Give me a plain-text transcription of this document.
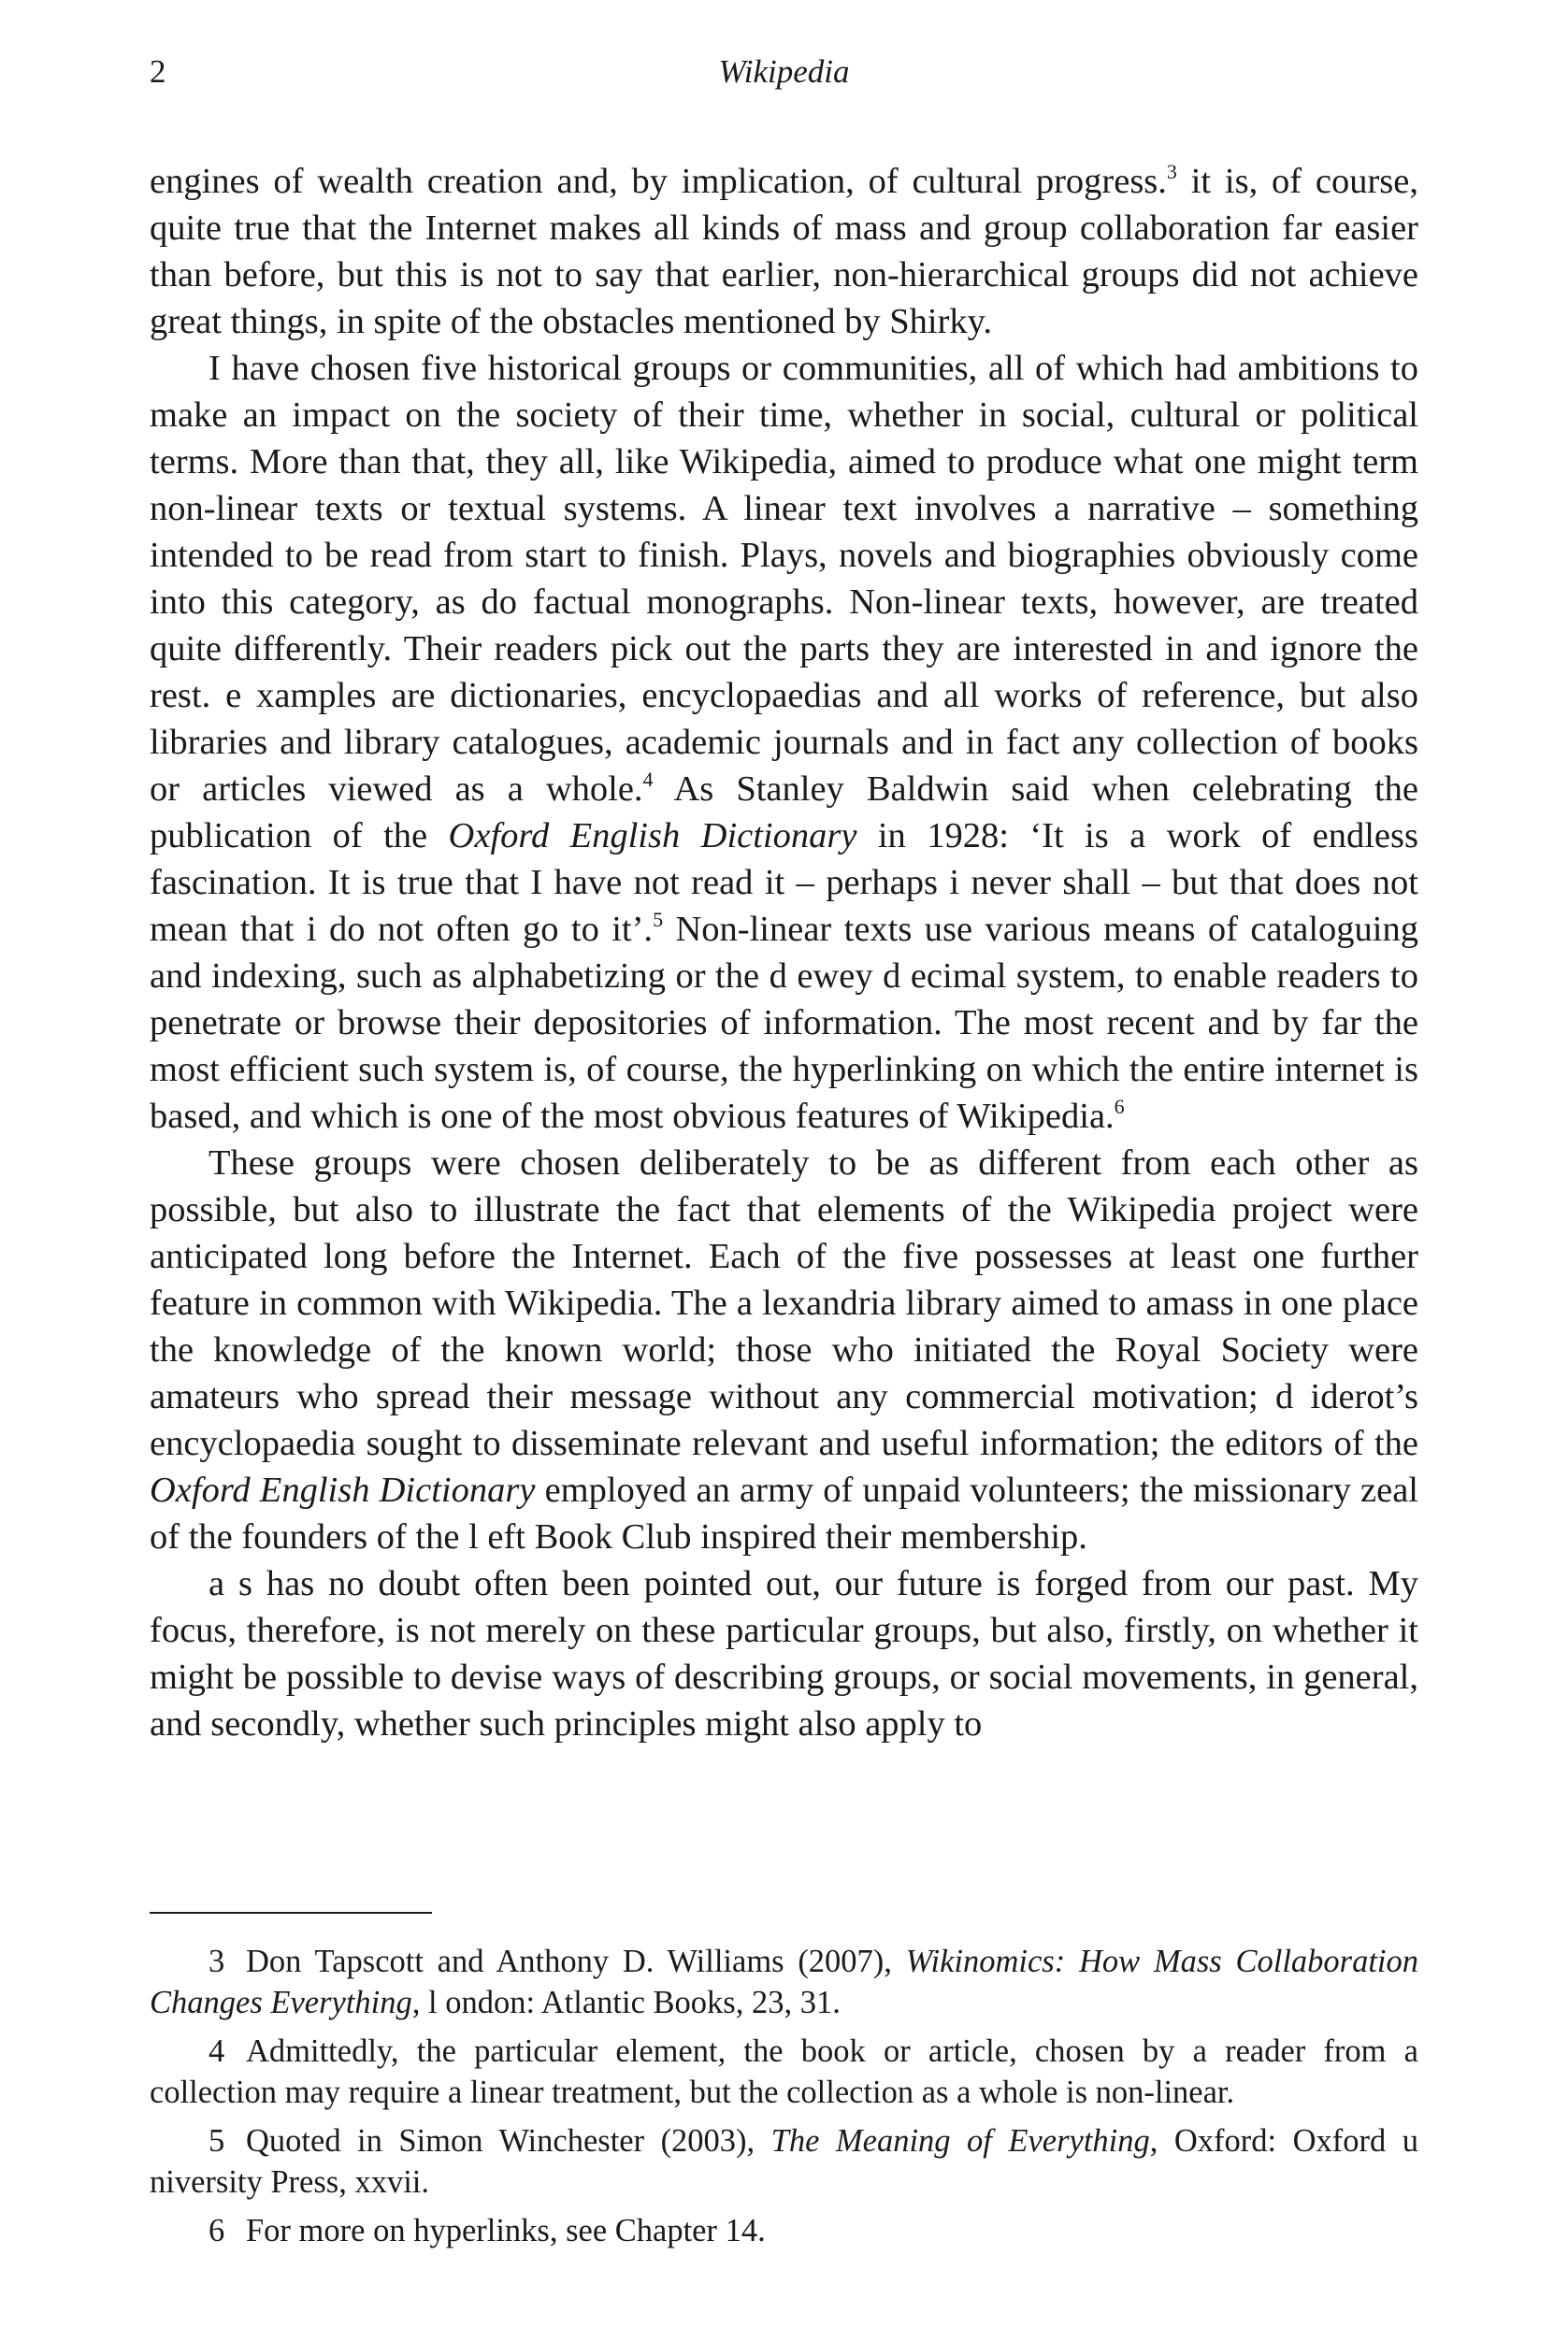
2	Wikipedia

engines of wealth creation and, by implication, of cultural progress.$^3$ it is, of course, quite true that the Internet makes all kinds of mass and group collaboration far easier than before, but this is not to say that earlier, non-hierarchical groups did not achieve great things, in spite of the obstacles mentioned by Shirky.

I have chosen five historical groups or communities, all of which had ambitions to make an impact on the society of their time, whether in social, cultural or political terms. More than that, they all, like Wikipedia, aimed to produce what one might term non-linear texts or textual systems. A linear text involves a narrative – something intended to be read from start to finish. Plays, novels and biographies obviously come into this category, as do factual monographs. Non-linear texts, however, are treated quite differently. Their readers pick out the parts they are interested in and ignore the rest. e xamples are dictionaries, encyclopaedias and all works of reference, but also libraries and library catalogues, academic journals and in fact any collection of books or articles viewed as a whole.$^4$ As Stanley Baldwin said when celebrating the publication of the Oxford English Dictionary in 1928: ‘It is a work of endless fascination. It is true that I have not read it – perhaps i never shall – but that does not mean that i do not often go to it’.$^5$ Non-linear texts use various means of cataloguing and indexing, such as alphabetizing or the d ewey d ecimal system, to enable readers to penetrate or browse their depositories of information. The most recent and by far the most efficient such system is, of course, the hyperlinking on which the entire internet is based, and which is one of the most obvious features of Wikipedia.$^6$

These groups were chosen deliberately to be as different from each other as possible, but also to illustrate the fact that elements of the Wikipedia project were anticipated long before the Internet. Each of the five possesses at least one further feature in common with Wikipedia. The a lexandria library aimed to amass in one place the knowledge of the known world; those who initiated the Royal Society were amateurs who spread their message without any commercial motivation; d iderot’s encyclopaedia sought to disseminate relevant and useful information; the editors of the Oxford English Dictionary employed an army of unpaid volunteers; the missionary zeal of the founders of the l eft Book Club inspired their membership.

a s has no doubt often been pointed out, our future is forged from our past. My focus, therefore, is not merely on these particular groups, but also, firstly, on whether it might be possible to devise ways of describing groups, or social movements, in general, and secondly, whether such principles might also apply to

3 Don Tapscott and Anthony D. Williams (2007), Wikinomics: How Mass Collaboration Changes Everything, l ondon: Atlantic Books, 23, 31.

4 Admittedly, the particular element, the book or article, chosen by a reader from a collection may require a linear treatment, but the collection as a whole is non-linear.

5 Quoted in Simon Winchester (2003), The Meaning of Everything, Oxford: Oxford u niversity Press, xxvii.

6 For more on hyperlinks, see Chapter 14.
